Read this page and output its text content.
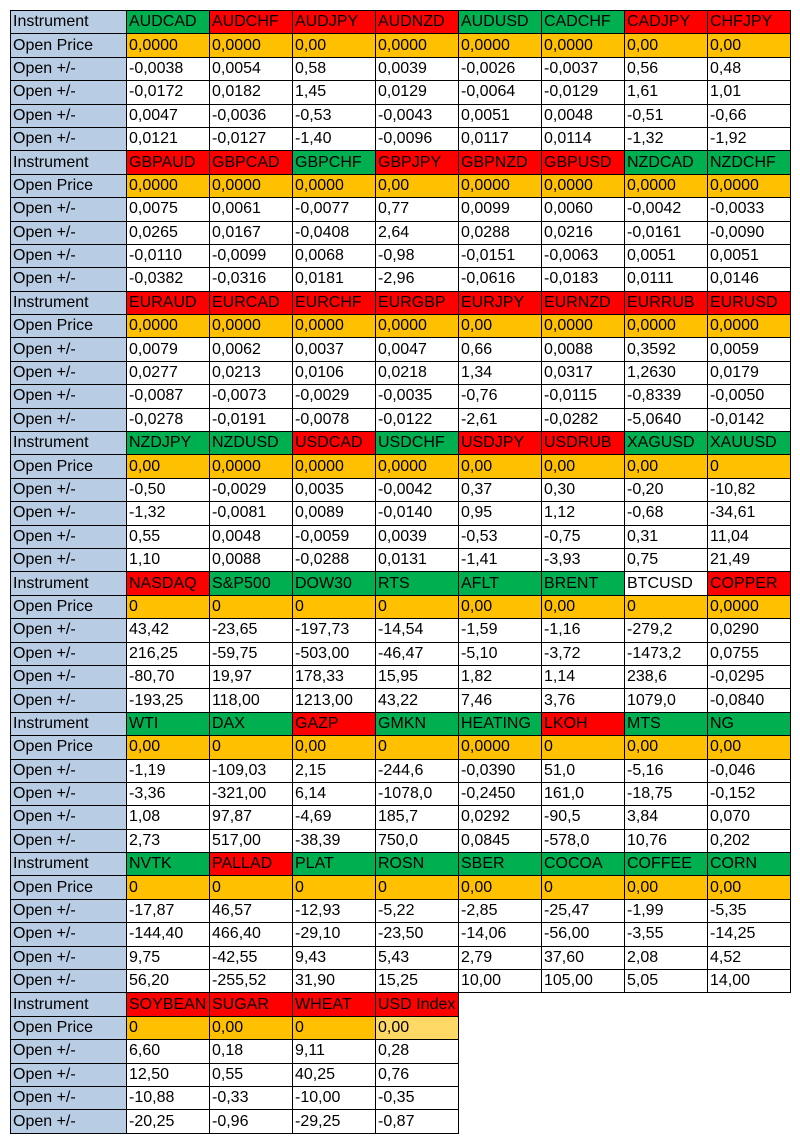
Instrument	AUDCAD	AUDCHF	AUDJPY	AUDNZD	AUDUSD	CADCHF	CADJPY	CHFJPY
Open Price	0,0000	0,0000	0,00	0,0000	0,0000	0,0000	0,00	0,00
Open +/-	-0,0038	0,0054	0,58	0,0039	-0,0026	-0,0037	0,56	0,48
Open +/-	-0,0172	0,0182	1,45	0,0129	-0,0064	-0,0129	1,61	1,01
Open +/-	0,0047	-0,0036	-0,53	-0,0043	0,0051	0,0048	-0,51	-0,66
Open +/-	0,0121	-0,0127	-1,40	-0,0096	0,0117	0,0114	-1,32	-1,92
Instrument	GBPAUD	GBPCAD	GBPCHF	GBPJPY	GBPNZD	GBPUSD	NZDCAD	NZDCHF
Open Price	0,0000	0,0000	0,0000	0,00	0,0000	0,0000	0,0000	0,0000
Open +/-	0,0075	0,0061	-0,0077	0,77	0,0099	0,0060	-0,0042	-0,0033
Open +/-	0,0265	0,0167	-0,0408	2,64	0,0288	0,0216	-0,0161	-0,0090
Open +/-	-0,0110	-0,0099	0,0068	-0,98	-0,0151	-0,0063	0,0051	0,0051
Open +/-	-0,0382	-0,0316	0,0181	-2,96	-0,0616	-0,0183	0,0111	0,0146
Instrument	EURAUD	EURCAD	EURCHF	EURGBP	EURJPY	EURNZD	EURRUB	EURUSD
Open Price	0,0000	0,0000	0,0000	0,0000	0,00	0,0000	0,0000	0,0000
Open +/-	0,0079	0,0062	0,0037	0,0047	0,66	0,0088	0,3592	0,0059
Open +/-	0,0277	0,0213	0,0106	0,0218	1,34	0,0317	1,2630	0,0179
Open +/-	-0,0087	-0,0073	-0,0029	-0,0035	-0,76	-0,0115	-0,8339	-0,0050
Open +/-	-0,0278	-0,0191	-0,0078	-0,0122	-2,61	-0,0282	-5,0640	-0,0142
Instrument	NZDJPY	NZDUSD	USDCAD	USDCHF	USDJPY	USDRUB	XAGUSD	XAUUSD
Open Price	0,00	0,0000	0,0000	0,0000	0,00	0,00	0,00	0
Open +/-	-0,50	-0,0029	0,0035	-0,0042	0,37	0,30	-0,20	-10,82
Open +/-	-1,32	-0,0081	0,0089	-0,0140	0,95	1,12	-0,68	-34,61
Open +/-	0,55	0,0048	-0,0059	0,0039	-0,53	-0,75	0,31	11,04
Open +/-	1,10	0,0088	-0,0288	0,0131	-1,41	-3,93	0,75	21,49
Instrument	NASDAQ	S&P500	DOW30	RTS	AFLT	BRENT	BTCUSD	COPPER
Open Price	0	0	0	0	0,00	0,00	0	0,0000
Open +/-	43,42	-23,65	-197,73	-14,54	-1,59	-1,16	-279,2	0,0290
Open +/-	216,25	-59,75	-503,00	-46,47	-5,10	-3,72	-1473,2	0,0755
Open +/-	-80,70	19,97	178,33	15,95	1,82	1,14	238,6	-0,0295
Open +/-	-193,25	118,00	1213,00	43,22	7,46	3,76	1079,0	-0,0840
Instrument	WTI	DAX	GAZP	GMKN	HEATING	LKOH	MTS	NG
Open Price	0,00	0	0,00	0	0,0000	0	0,00	0,00
Open +/-	-1,19	-109,03	2,15	-244,6	-0,0390	51,0	-5,16	-0,046
Open +/-	-3,36	-321,00	6,14	-1078,0	-0,2450	161,0	-18,75	-0,152
Open +/-	1,08	97,87	-4,69	185,7	0,0292	-90,5	3,84	0,070
Open +/-	2,73	517,00	-38,39	750,0	0,0845	-578,0	10,76	0,202
Instrument	NVTK	PALLAD	PLAT	ROSN	SBER	COCOA	COFFEE	CORN
Open Price	0	0	0	0	0,00	0	0,00	0,00
Open +/-	-17,87	46,57	-12,93	-5,22	-2,85	-25,47	-1,99	-5,35
Open +/-	-144,40	466,40	-29,10	-23,50	-14,06	-56,00	-3,55	-14,25
Open +/-	9,75	-42,55	9,43	5,43	2,79	37,60	2,08	4,52
Open +/-	56,20	-255,52	31,90	15,25	10,00	105,00	5,05	14,00
Instrument	SOYBEAN	SUGAR	WHEAT	USD Index				
Open Price	0	0,00	0	0,00				
Open +/-	6,60	0,18	9,11	0,28				
Open +/-	12,50	0,55	40,25	0,76				
Open +/-	-10,88	-0,33	-10,00	-0,35				
Open +/-	-20,25	-0,96	-29,25	-0,87				
